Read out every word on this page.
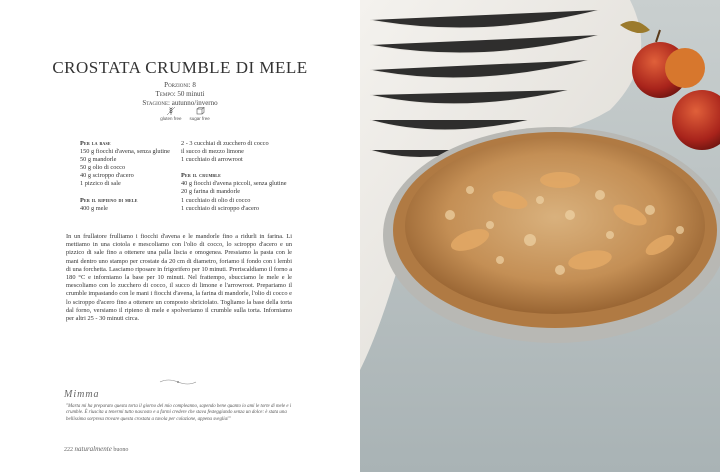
CROSTATA CRUMBLE DI MELE
Porzioni: 8
Tempo: 50 minuti
Stagione: autunno/inverno
gluten free sugar free
Per la base
150 g fiocchi d'avena, senza glutine
50 g mandorle
50 g olio di cocco
40 g sciroppo d'acero
1 pizzico di sale
Per il ripieno di mele
400 g mele
2 - 3 cucchiai di zucchero di cocco
il succo di mezzo limone
1 cucchiaio di arrowroot
Per il crumble
40 g fiocchi d'avena piccoli, senza glutine
20 g farina di mandorle
1 cucchiaio di olio di cocco
1 cucchiaio di sciroppo d'acero
In un frullatore frulliamo i fiocchi d'avena e le mandorle fino a ridurli in farina. Li mettiamo in una ciotola e mescoliamo con l'olio di cocco, lo sciroppo d'acero e un pizzico di sale fino a ottenere una palla liscia e omogenea. Pressiamo la pasta con le mani dentro uno stampo per crostate da 20 cm di diametro, foriamo il fondo con i lembi di una forchetta. Lasciamo riposare in frigorifero per 10 minuti. Preriscaldiamo il forno a 180 °C e inforniamo la base per 10 minuti. Nel frattempo, sbucciamo le mele e le mescoliamo con lo zucchero di cocco, il succo di limone e l'arrowroot. Prepariamo il crumble impastando con le mani i fiocchi d'avena, la farina di mandorle, l'olio di cocco e lo sciroppo d'acero fino a ottenere un composto sbriciolato. Togliamo la base della torta dal forno, versiamo il ripieno di mele e spolveriamo il crumble sulla torta. Inforniamo per altri 25 - 30 minuti circa.
Mimma
"Marta mi ha preparato questa torta il giorno del mio compleanno, sapendo bene quanto io ami le torte di mele e i crumble. È riuscita a tenermi tutto nascosto e a farmi credere che stava festeggiando senza un dolce: è stata una bellissima sorpresa trovare questa crostata a tavola per colazione, appena sveglia!"
222 naturalmente buono
